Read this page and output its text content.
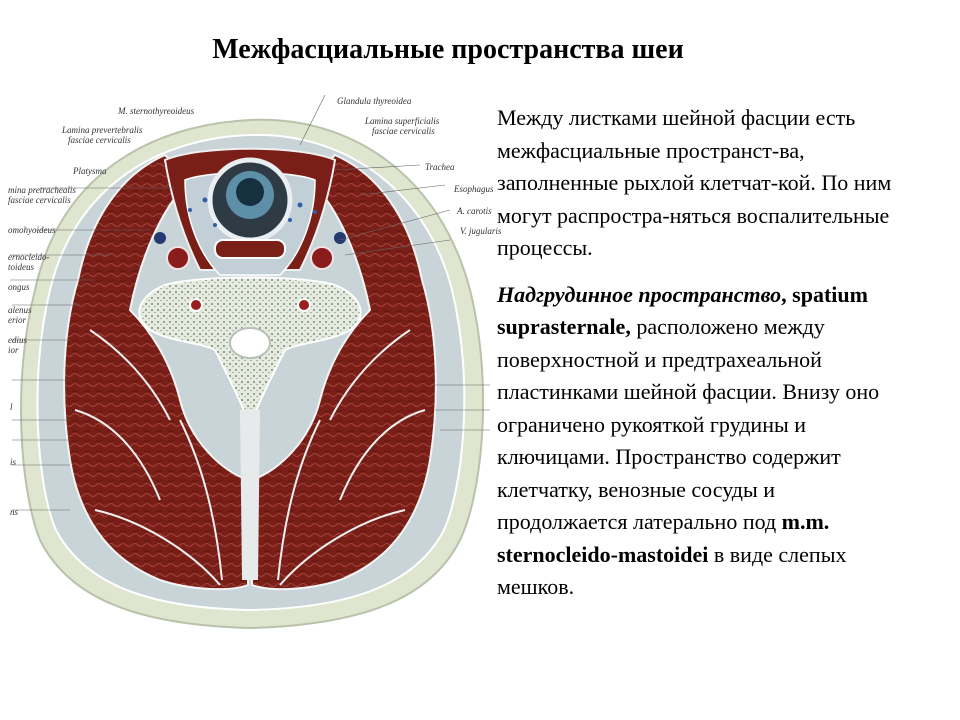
Межфасциальные пространства шеи
M. sternothyreoideus
Glandula thyreoidea
Lamina prevertebralis
fasciae cervicalis
Lamina superficialis
fasciae cervicalis
Platysma	Trachea
mina pretrachealis
fasciae cervicalis
Esophagus
A. carotis
omohyoideus	V. jugularis
ernocleido-
toideus
ongus
alenus
erior
edius
ior
l
is
ns

Между листками шейной фасции есть межфасциальные пространст-ва, заполненные рыхлой клетчат-кой. По ним могут распростра-няться воспалительные процессы.

Надгрудинное пространство, spatium suprasternale, расположено между поверхностной и предтрахеальной пластинками шейной фасции. Внизу оно ограничено рукояткой грудины и ключицами. Пространство содержит клетчатку, венозные сосуды и продолжается латерально под m.m. sternocleido-mastoidei в виде слепых мешков.
